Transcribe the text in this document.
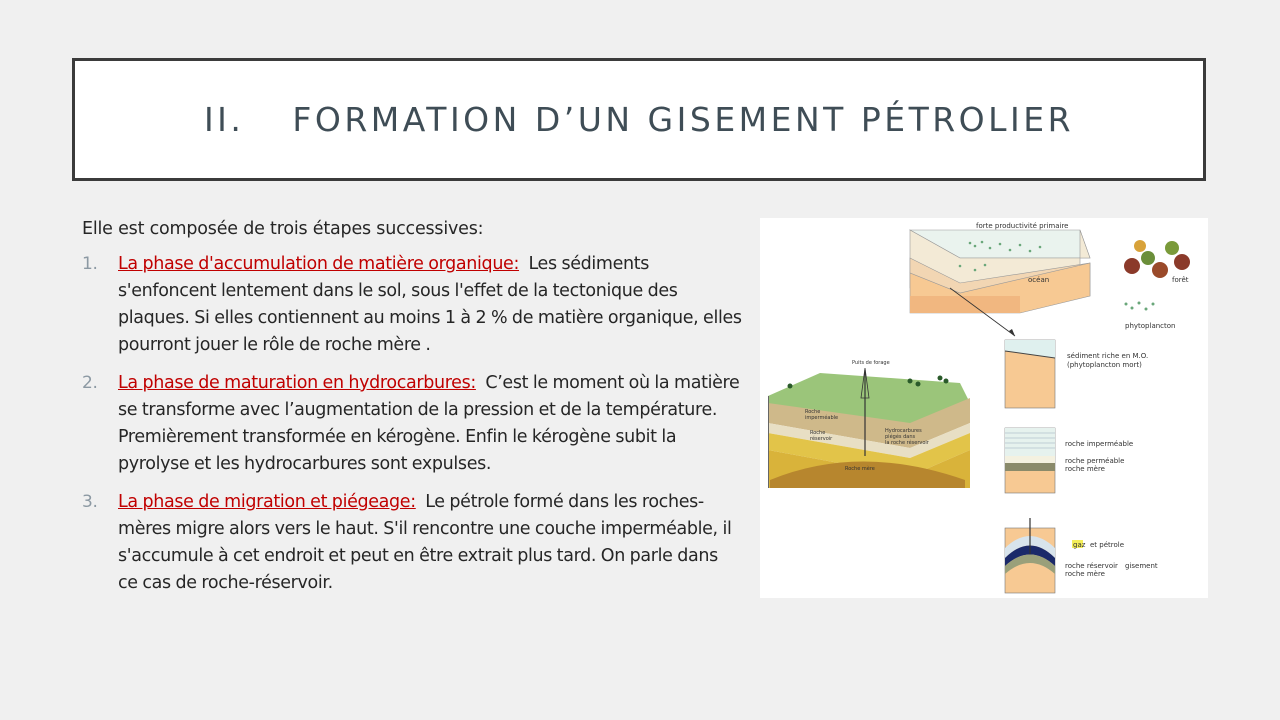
II. FORMATION D’UN GISEMENT PÉTROLIER

Elle est composée de trois étapes successives:

1. La phase d'accumulation de matière organique: Les sédiments s'enfoncent lentement dans le sol, sous l'effet de la tectonique des plaques. Si elles contiennent au moins 1 à 2 % de matière organique, elles pourront jouer le rôle de roche mère .
2. La phase de maturation en hydrocarbures: C’est le moment où la matière se transforme avec l’augmentation de la pression et de la température. Premièrement transformée en kérogène. Enfin le kérogène subit la pyrolyse et les hydrocarbures sont expulses.
3. La phase de migration et piégeage: Le pétrole formé dans les roches-mères migre alors vers le haut. S'il rencontre une couche imperméable, il s'accumule à cet endroit et peut en être extrait plus tard. On parle dans ce cas de roche-réservoir.
forte productivité primaire
océan	forêt
phytoplancton
sédiment riche en M.O.
(phytoplancton mort)
Puits de forage
Roche
imperméable
Roche
réservoir
Hydrocarbures
piégés dans
la roche réservoir
Roche mère
roche imperméable
roche perméable
roche mère
gaz et pétrole
roche réservoir
roche mère
gisement
